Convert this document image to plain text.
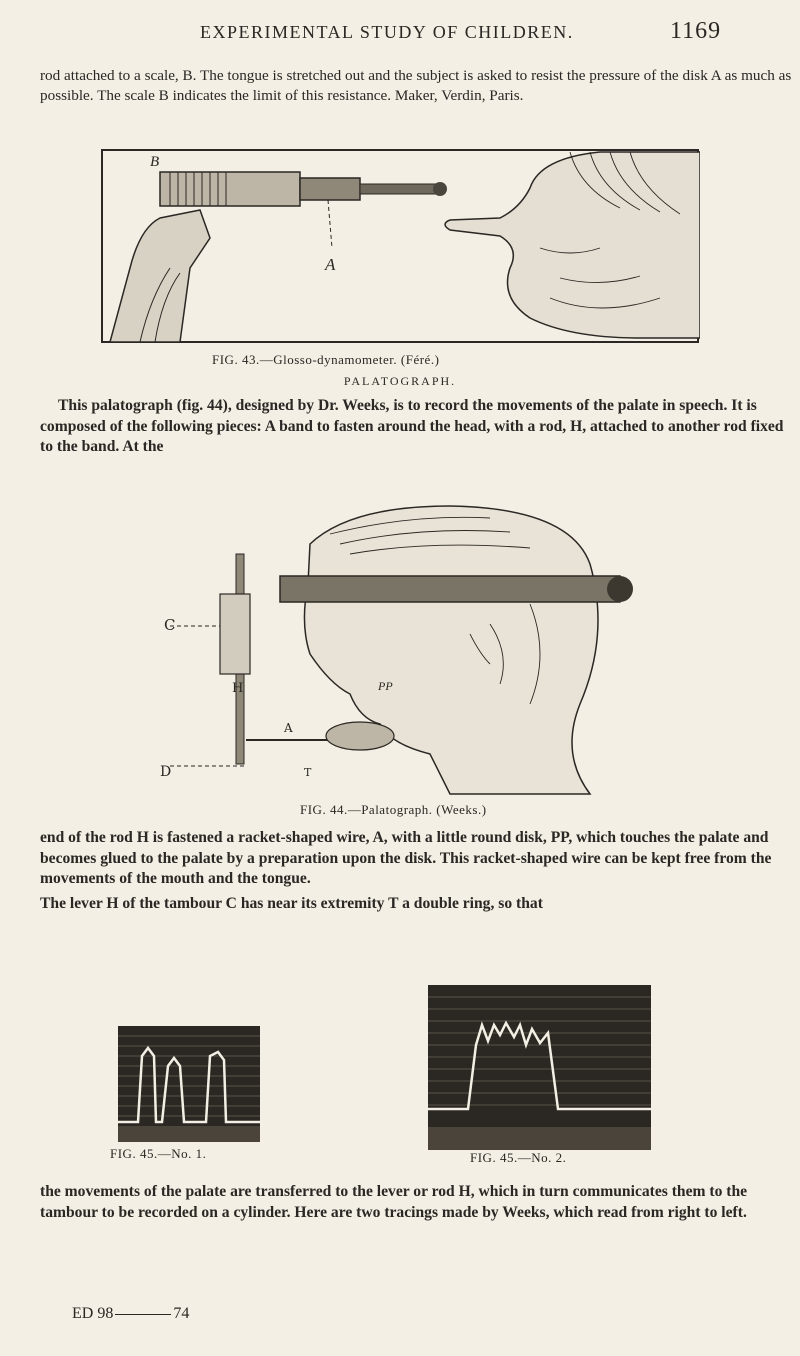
EXPERIMENTAL STUDY OF CHILDREN.	1169

rod attached to a scale, B. The tongue is stretched out and the subject is asked to resist the pressure of the disk A as much as possible. The scale B indicates the limit of this resistance. Maker, Verdin, Paris.

B
A
FIG. 43.—Glosso-dynamometer. (Féré.)
PALATOGRAPH.

This palatograph (fig. 44), designed by Dr. Weeks, is to record the movements of the palate in speech. It is composed of the following pieces: A band to fasten around the head, with a rod, H, attached to another rod fixed to the band. At the

C
H
A
PP
D	T
FIG. 44.—Palatograph. (Weeks.)

end of the rod H is fastened a racket-shaped wire, A, with a little round disk, PP, which touches the palate and becomes glued to the palate by a preparation upon the disk. This racket-shaped wire can be kept free from the movements of the mouth and the tongue.

The lever H of the tambour C has near its extremity T a double ring, so that

FIG. 45.—No. 1.	FIG. 45.—No. 2.

the movements of the palate are transferred to the lever or rod H, which in turn communicates them to the tambour to be recorded on a cylinder. Here are two tracings made by Weeks, which read from right to left.

ED 98	74
